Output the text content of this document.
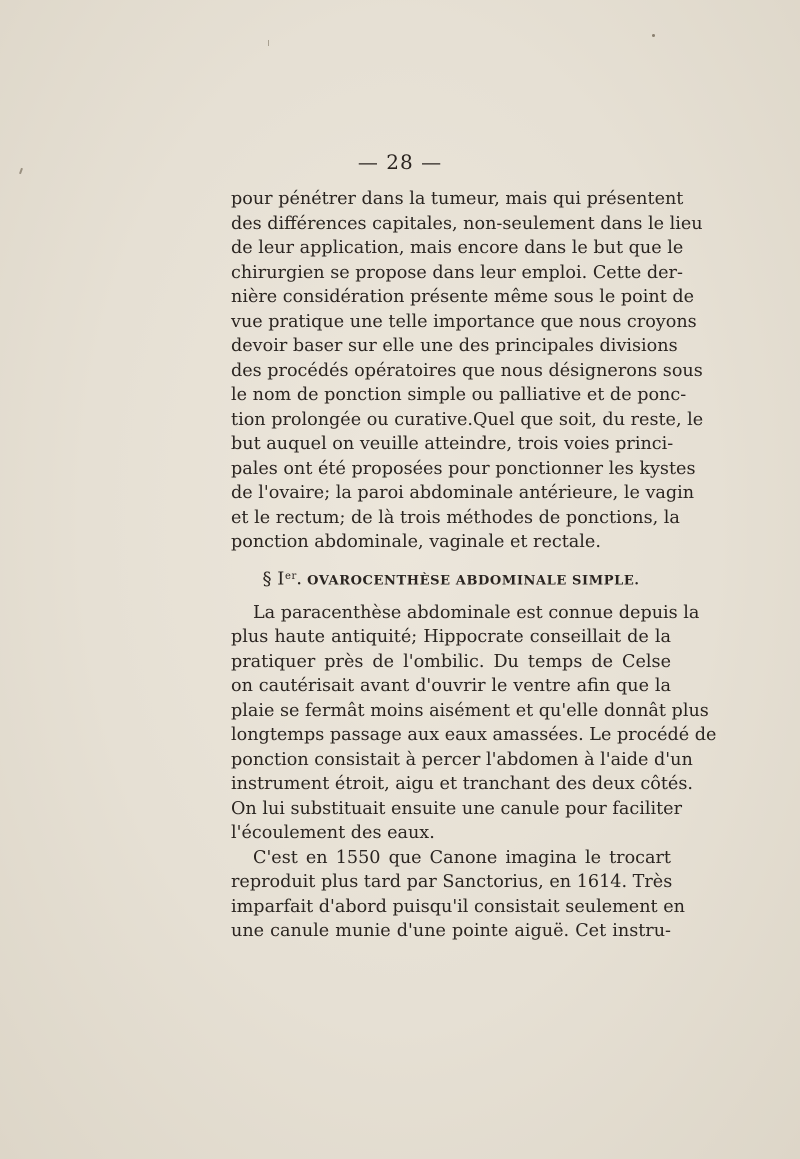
— 28 —
pour pénétrer dans la tumeur, mais qui présentent
des différences capitales, non-seulement dans le lieu
de leur application, mais encore dans le but que le
chirurgien se propose dans leur emploi. Cette der-
nière considération présente même sous le point de
vue pratique une telle importance que nous croyons
devoir baser sur elle une des principales divisions
des procédés opératoires que nous désignerons sous
le nom de ponction simple ou palliative et de ponc-
tion prolongée ou curative.Quel que soit, du reste, le
but auquel on veuille atteindre, trois voies princi-
pales ont été proposées pour ponctionner les kystes
de l'ovaire; la paroi abdominale antérieure, le vagin
et le rectum; de là trois méthodes de ponctions, la
ponction abdominale, vaginale et rectale.
§ Ier. OVAROCENTHÈSE ABDOMINALE SIMPLE.
La paracenthèse abdominale est connue depuis la
plus haute antiquité; Hippocrate conseillait de la
pratiquer près de l'ombilic. Du temps de Celse
on cautérisait avant d'ouvrir le ventre afin que la
plaie se fermât moins aisément et qu'elle donnât plus
longtemps passage aux eaux amassées. Le procédé de
ponction consistait à percer l'abdomen à l'aide d'un
instrument étroit, aigu et tranchant des deux côtés.
On lui substituait ensuite une canule pour faciliter
l'écoulement des eaux.
C'est en 1550 que Canone imagina le trocart
reproduit plus tard par Sanctorius, en 1614. Très
imparfait d'abord puisqu'il consistait seulement en
une canule munie d'une pointe aiguë. Cet instru-
